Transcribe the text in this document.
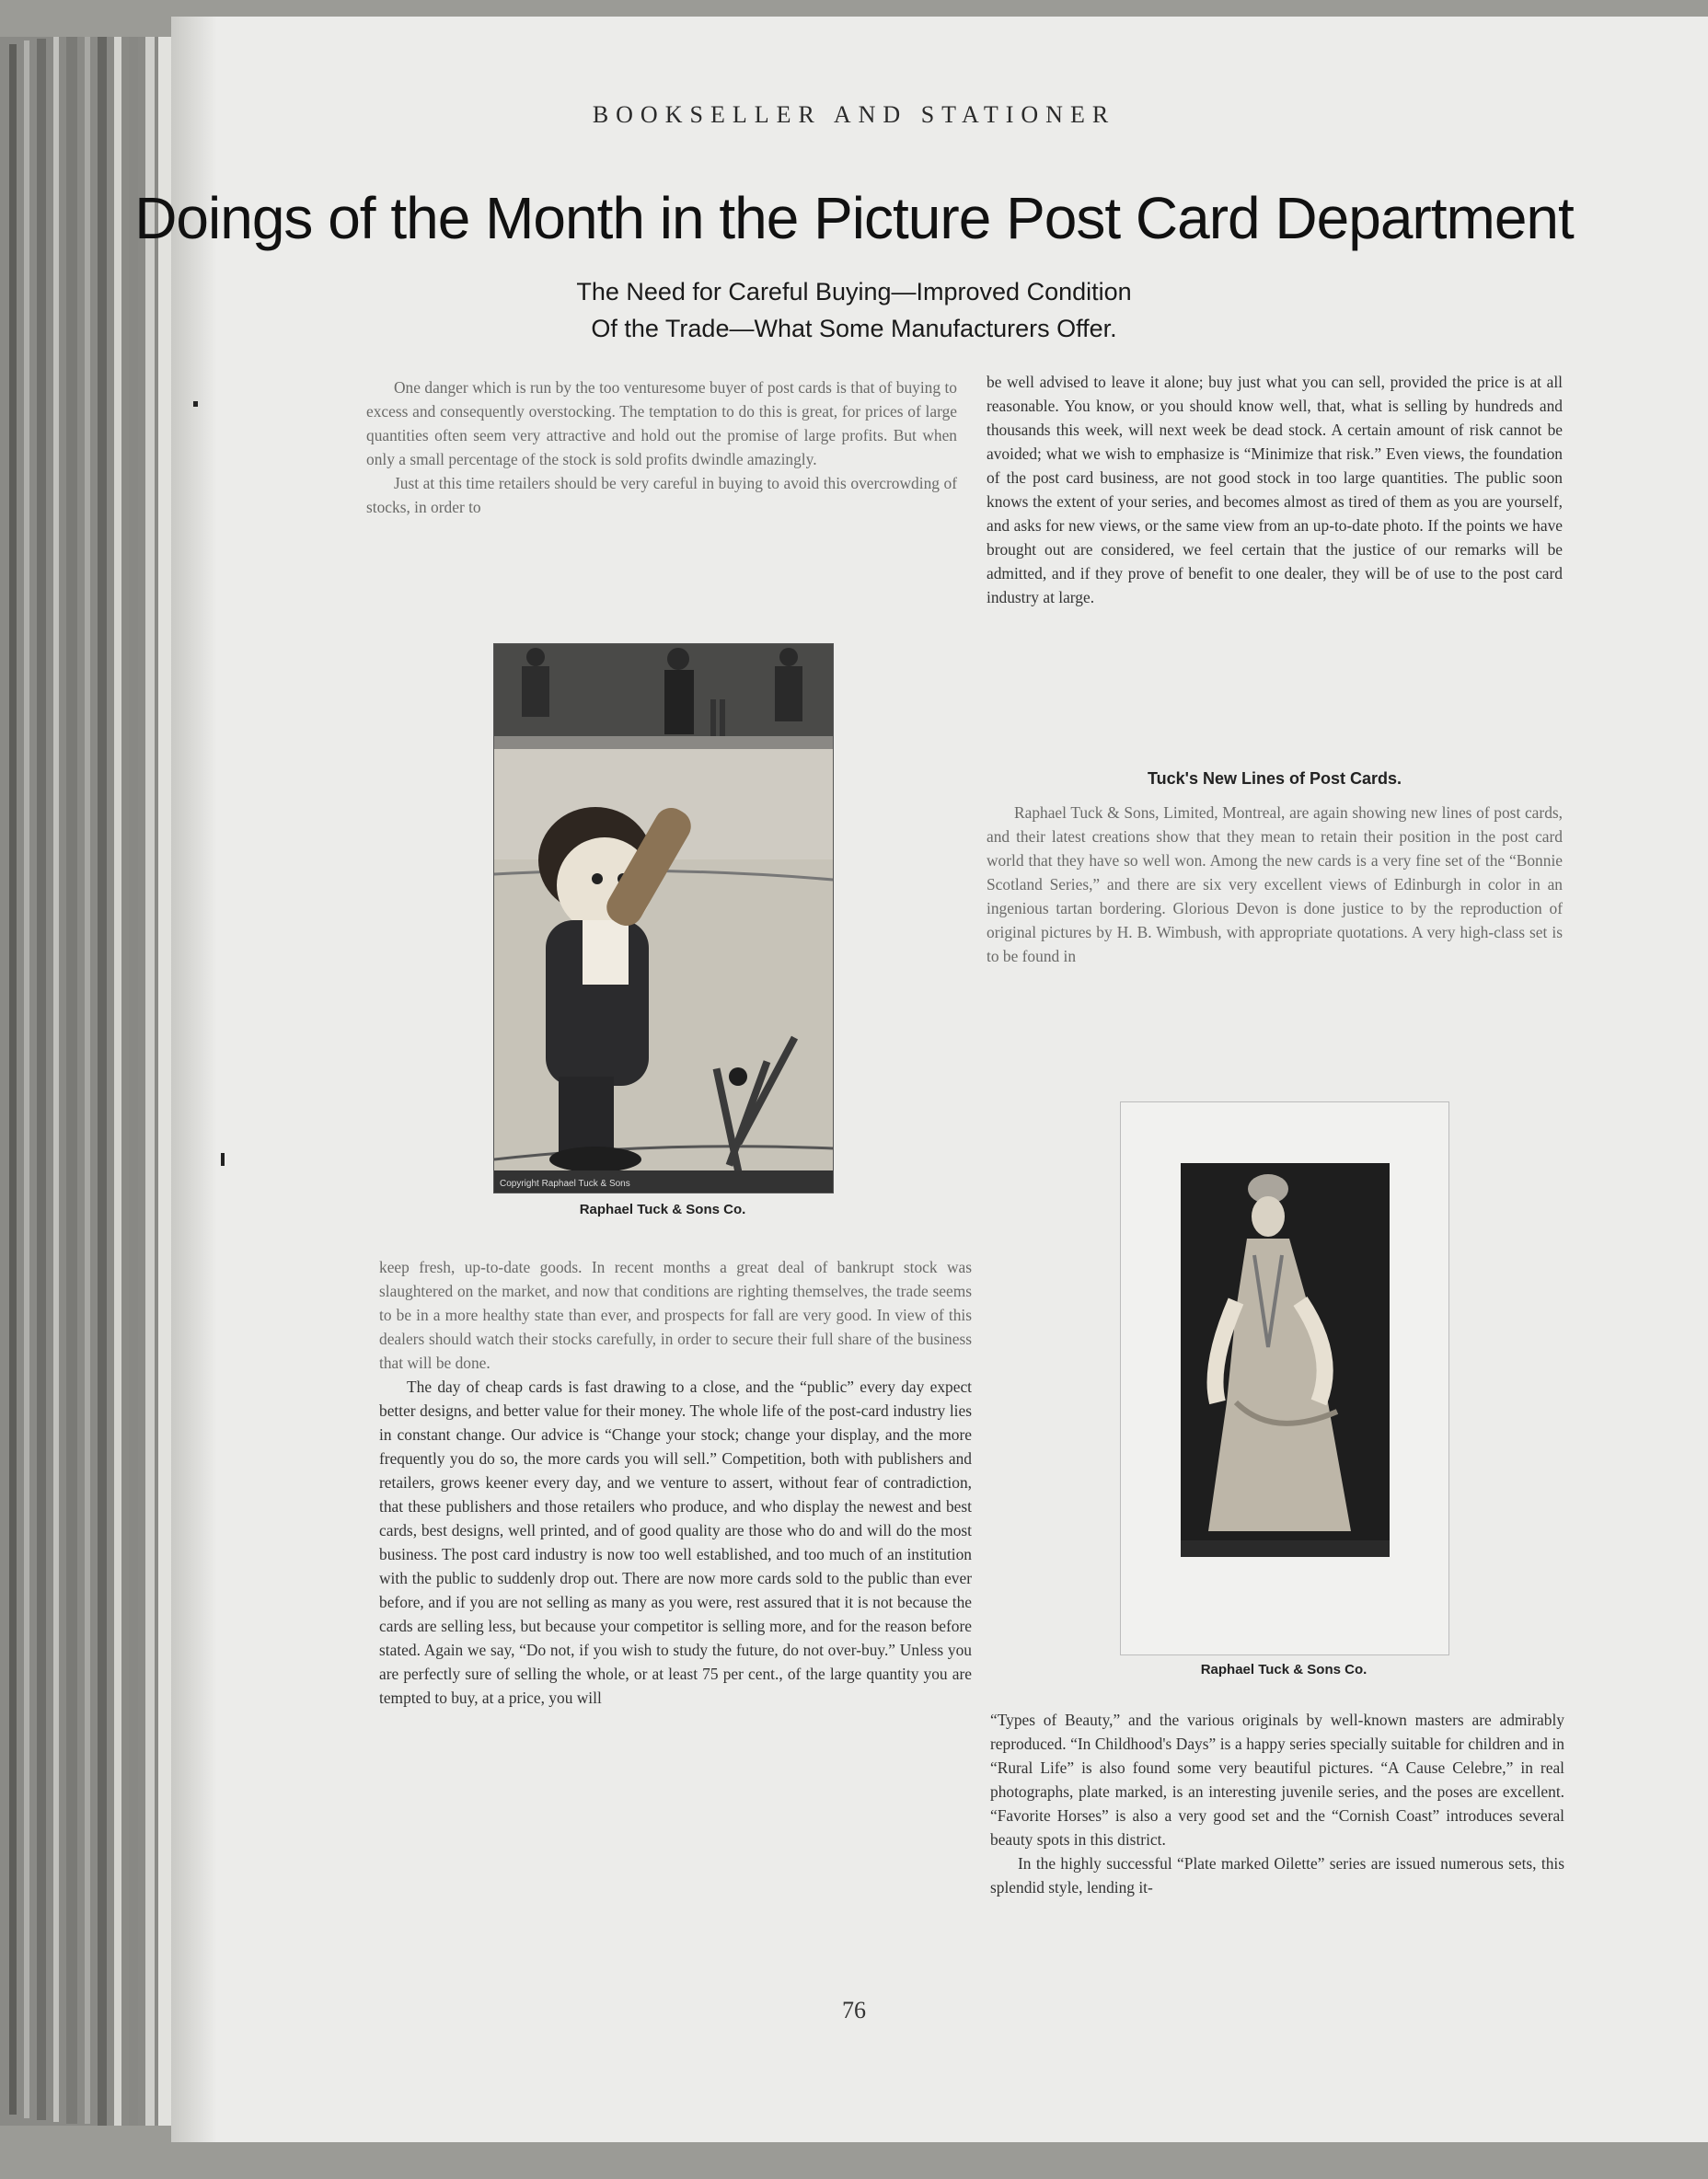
BOOKSELLER AND STATIONER
Doings of the Month in the Picture Post Card Department
The Need for Careful Buying—Improved Condition
Of the Trade—What Some Manufacturers Offer.

One danger which is run by the too venturesome buyer of post cards is that of buying to excess and consequently overstocking. The temptation to do this is great, for prices of large quantities often seem very attractive and hold out the promise of large profits. But when only a small percentage of the stock is sold profits dwindle amazingly.

Just at this time retailers should be very careful in buying to avoid this overcrowding of stocks, in order to

Copyright Raphael Tuck & Sons
Raphael Tuck & Sons Co.

keep fresh, up-to-date goods. In recent months a great deal of bankrupt stock was slaughtered on the market, and now that conditions are righting themselves, the trade seems to be in a more healthy state than ever, and prospects for fall are very good. In view of this dealers should watch their stocks carefully, in order to secure their full share of the business that will be done.

The day of cheap cards is fast drawing to a close, and the “public” every day expect better designs, and better value for their money. The whole life of the post-card industry lies in constant change. Our advice is “Change your stock; change your display, and the more frequently you do so, the more cards you will sell.” Competition, both with publishers and retailers, grows keener every day, and we venture to assert, without fear of contradiction, that these publishers and those retailers who produce, and who display the newest and best cards, best designs, well printed, and of good quality are those who do and will do the most business. The post card industry is now too well established, and too much of an institution with the public to suddenly drop out. There are now more cards sold to the public than ever before, and if you are not selling as many as you were, rest assured that it is not because the cards are selling less, but because your competitor is selling more, and for the reason before stated. Again we say, “Do not, if you wish to study the future, do not over-buy.” Unless you are perfectly sure of selling the whole, or at least 75 per cent., of the large quantity you are tempted to buy, at a price, you will

be well advised to leave it alone; buy just what you can sell, provided the price is at all reasonable. You know, or you should know well, that, what is selling by hundreds and thousands this week, will next week be dead stock. A certain amount of risk cannot be avoided; what we wish to emphasize is “Minimize that risk.” Even views, the foundation of the post card business, are not good stock in too large quantities. The public soon knows the extent of your series, and becomes almost as tired of them as you are yourself, and asks for new views, or the same view from an up-to-date photo. If the points we have brought out are considered, we feel certain that the justice of our remarks will be admitted, and if they prove of benefit to one dealer, they will be of use to the post card industry at large.

Tuck's New Lines of Post Cards.

Raphael Tuck & Sons, Limited, Montreal, are again showing new lines of post cards, and their latest creations show that they mean to retain their position in the post card world that they have so well won. Among the new cards is a very fine set of the “Bonnie Scotland Series,” and there are six very excellent views of Edinburgh in color in an ingenious tartan bordering. Glorious Devon is done justice to by the reproduction of original pictures by H. B. Wimbush, with appropriate quotations. A very high-class set is to be found in

Raphael Tuck & Sons Co.

“Types of Beauty,” and the various originals by well-known masters are admirably reproduced. “In Childhood's Days” is a happy series specially suitable for children and in “Rural Life” is also found some very beautiful pictures. “A Cause Celebre,” in real photographs, plate marked, is an interesting juvenile series, and the poses are excellent. “Favorite Horses” is also a very good set and the “Cornish Coast” introduces several beauty spots in this district.

In the highly successful “Plate marked Oilette” series are issued numerous sets, this splendid style, lending it-

76
